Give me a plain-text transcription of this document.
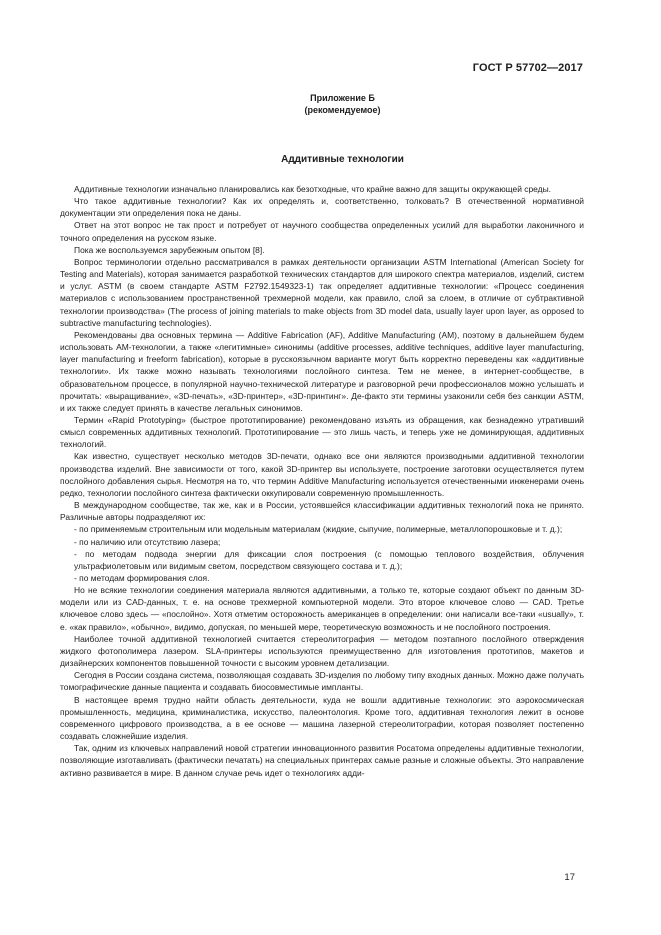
ГОСТ Р 57702—2017
Приложение Б
(рекомендуемое)
Аддитивные технологии

Аддитивные технологии изначально планировались как безотходные, что крайне важно для защиты окружающей среды.

Что такое аддитивные технологии? Как их определять и, соответственно, толковать? В отечественной нормативной документации эти определения пока не даны.

Ответ на этот вопрос не так прост и потребует от научного сообщества определенных усилий для выработки лаконичного и точного определения на русском языке.

Пока же воспользуемся зарубежным опытом [8].

Вопрос терминологии отдельно рассматривался в рамках деятельности организации ASTM International (American Society for Testing and Materials), которая занимается разработкой технических стандартов для широкого спектра материалов, изделий, систем и услуг. ASTM (в своем стандарте ASTM F2792.1549323-1) так определяет аддитивные технологии: «Процесс соединения материалов с использованием пространственной трехмерной модели, как правило, слой за слоем, в отличие от субтрактивной технологии производства» (The process of joining materials to make objects from 3D model data, usually layer upon layer, as opposed to subtractive manufacturing technologies).

Рекомендованы два основных термина — Additive Fabrication (AF), Additive Manufacturing (AM), поэтому в дальнейшем будем использовать АМ-технологии, а также «легитимные» синонимы (additive processes, additive techniques, additive layer manufacturing, layer manufacturing и freeform fabrication), которые в русскоязычном варианте могут быть корректно переведены как «аддитивные технологии». Их также можно называть технологиями послойного синтеза. Тем не менее, в интернет-сообществе, в образовательном процессе, в популярной научно-технической литературе и разговорной речи профессионалов можно услышать и прочитать: «выращивание», «3D-печать», «3D-принтер», «3D-принтинг». Де-факто эти термины узаконили себя без санкции ASTM, и их также следует принять в качестве легальных синонимов.

Термин «Rapid Prototyping» (быстрое прототипирование) рекомендовано изъять из обращения, как безнадежно утративший смысл современных аддитивных технологий. Прототипирование — это лишь часть, и теперь уже не доминирующая, аддитивных технологий.

Как известно, существует несколько методов 3D-печати, однако все они являются производными аддитивной технологии производства изделий. Вне зависимости от того, какой 3D-принтер вы используете, построение заготовки осуществляется путем послойного добавления сырья. Несмотря на то, что термин Additive Manufacturing используется отечественными инженерами очень редко, технологии послойного синтеза фактически оккупировали современную промышленность.

В международном сообществе, так же, как и в России, устоявшейся классификации аддитивных технологий пока не принято. Различные авторы подразделяют их:

- по применяемым строительным или модельным материалам (жидкие, сыпучие, полимерные, металлопорошковые и т. д.);

- по наличию или отсутствию лазера;

- по методам подвода энергии для фиксации слоя построения (с помощью теплового воздействия, облучения ультрафиолетовым или видимым светом, посредством связующего состава и т. д.);

- по методам формирования слоя.

Но не всякие технологии соединения материала являются аддитивными, а только те, которые создают объект по данным 3D-модели или из CAD-данных, т. е. на основе трехмерной компьютерной модели. Это второе ключевое слово — CAD. Третье ключевое слово здесь — «послойно». Хотя отметим осторожность американцев в определении: они написали все-таки «usually», т. е. «как правило», «обычно», видимо, допуская, по меньшей мере, теоретическую возможность и не послойного построения.

Наиболее точной аддитивной технологией считается стереолитография — методом поэтапного послойного отверждения жидкого фотополимера лазером. SLA-принтеры используются преимущественно для изготовления прототипов, макетов и дизайнерских компонентов повышенной точности с высоким уровнем детализации.

Сегодня в России создана система, позволяющая создавать 3D-изделия по любому типу входных данных. Можно даже получать томографические данные пациента и создавать биосовместимые импланты.

В настоящее время трудно найти область деятельности, куда не вошли аддитивные технологии: это аэрокосмическая промышленность, медицина, криминалистика, искусство, палеонтология. Кроме того, аддитивная технология лежит в основе современного цифрового производства, а в ее основе — машина лазерной стереолитографии, которая позволяет постепенно создавать сложнейшие изделия.

Так, одним из ключевых направлений новой стратегии инновационного развития Росатома определены аддитивные технологии, позволяющие изготавливать (фактически печатать) на специальных принтерах самые разные и сложные объекты. Это направление активно развивается в мире. В данном случае речь идет о технологиях адди-

17
